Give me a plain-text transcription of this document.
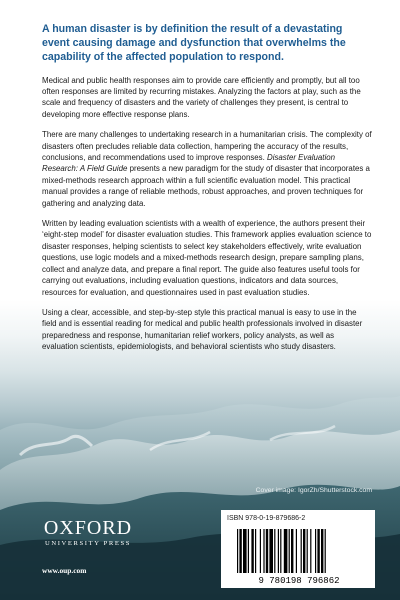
A human disaster is by definition the result of a devastating event causing damage and dysfunction that overwhelms the capability of the affected population to respond.

Medical and public health responses aim to provide care efficiently and promptly, but all too often responses are limited by recurring mistakes. Analyzing the factors at play, such as the scale and frequency of disasters and the variety of challenges they present, is central to developing more effective response plans.

There are many challenges to undertaking research in a humanitarian crisis. The complexity of disasters often precludes reliable data collection, hampering the accuracy of the results, conclusions, and recommendations used to improve responses. Disaster Evaluation Research: A Field Guide presents a new paradigm for the study of disaster that incorporates a mixed-methods research approach within a full scientific evaluation model. This practical manual provides a range of reliable methods, robust approaches, and proven techniques for gathering and analyzing data.

Written by leading evaluation scientists with a wealth of experience, the authors present their ‘eight-step model’ for disaster evaluation studies. This framework applies evaluation science to disaster responses, helping scientists to select key stakeholders effectively, write evaluation questions, use logic models and a mixed-methods research design, prepare sampling plans, collect and analyze data, and prepare a final report. The guide also features useful tools for carrying out evaluations, including evaluation questions, indicators and data sources, resources for evaluation, and questionnaires used in past evaluation studies.

Using a clear, accessible, and step-by-step style this practical manual is easy to use in the field and is essential reading for medical and public health professionals involved in disaster preparedness and response, humanitarian relief workers, policy analysts, as well as evaluation scientists, epidemiologists, and behavioral scientists who study disasters.

Cover image: IgorZh/Shutterstock.com
OXFORD
UNIVERSITY PRESS
www.oup.com
ISBN 978-0-19-879686-2
9 780198 796862
